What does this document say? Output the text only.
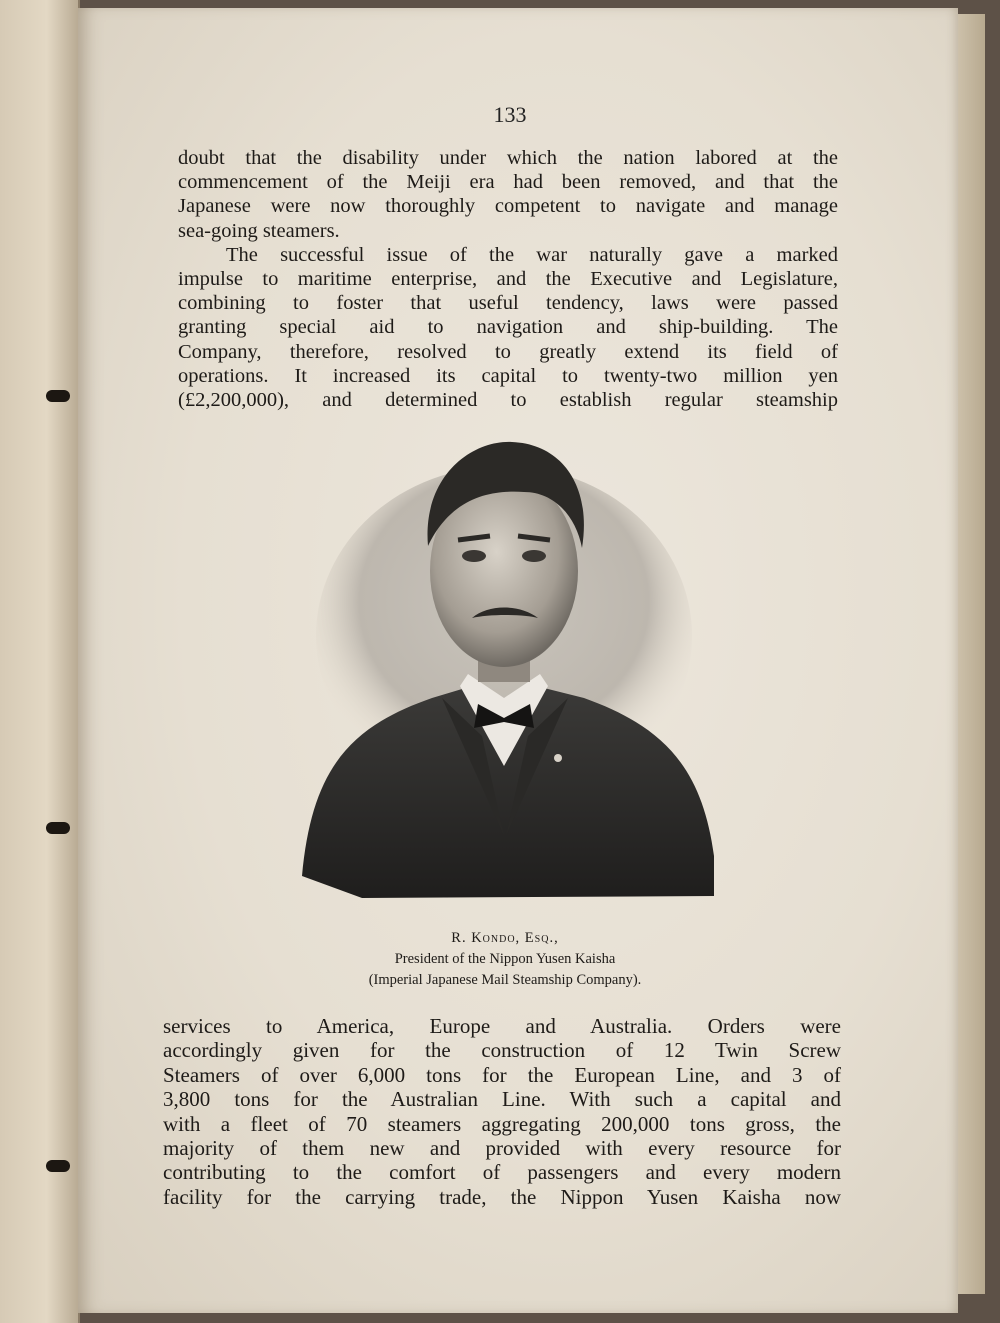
133
doubt that the disability under which the nation labored at the
commencement of the Meiji era had been removed, and that the
Japanese were now thoroughly competent to navigate and manage
sea-going steamers.
The successful issue of the war naturally gave a marked
impulse to maritime enterprise, and the Executive and Legislature,
combining to foster that useful tendency, laws were passed
granting special aid to navigation and ship-building. The
Company, therefore, resolved to greatly extend its field of
operations. It increased its capital to twenty-two million yen
(£2,200,000), and determined to establish regular steamship
R. Kondo, Esq.,
President of the Nippon Yusen Kaisha
(Imperial Japanese Mail Steamship Company).
services to America, Europe and Australia. Orders were
accordingly given for the construction of 12 Twin Screw
Steamers of over 6,000 tons for the European Line, and 3 of
3,800 tons for the Australian Line. With such a capital and
with a fleet of 70 steamers aggregating 200,000 tons gross, the
majority of them new and provided with every resource for
contributing to the comfort of passengers and every modern
facility for the carrying trade, the Nippon Yusen Kaisha now
